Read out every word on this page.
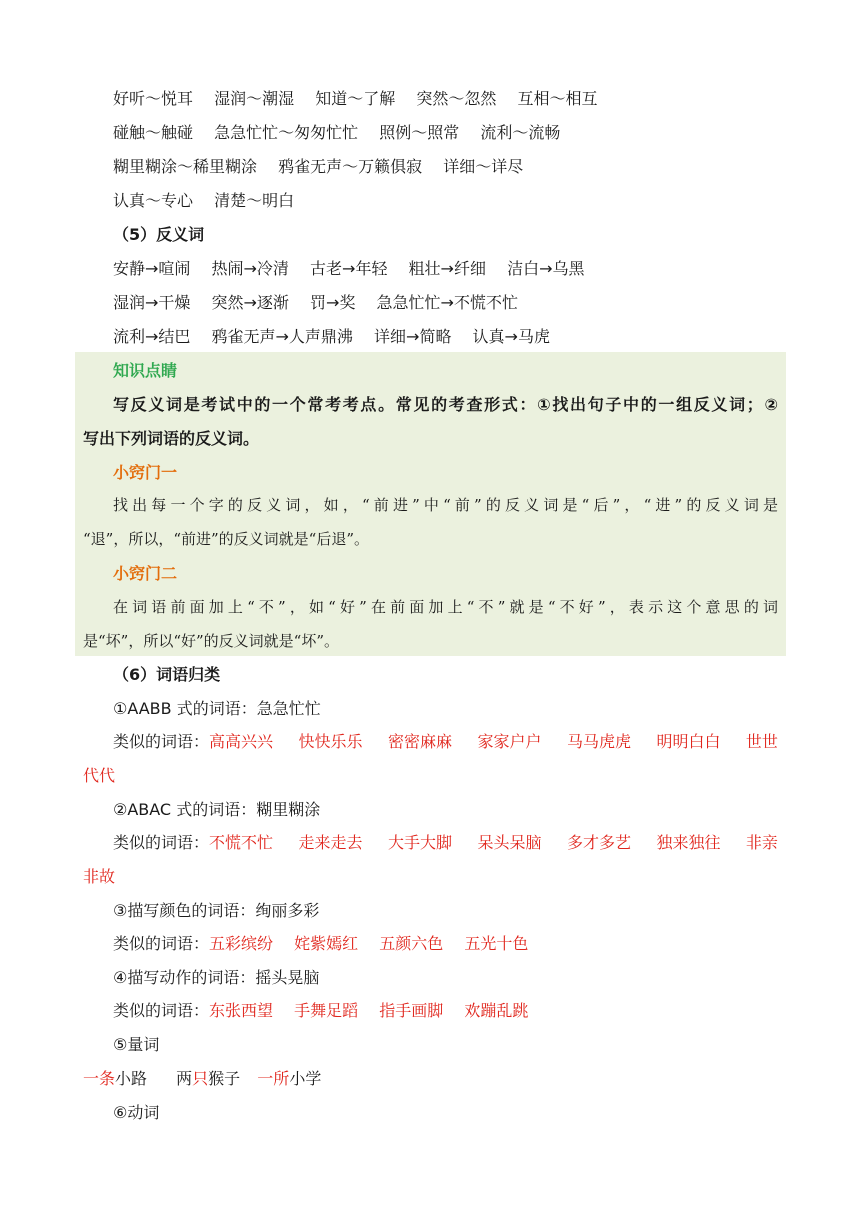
好听～悦耳 湿润～潮湿 知道～了解 突然～忽然 互相～相互
碰触～触碰 急急忙忙～匆匆忙忙 照例～照常 流利～流畅
糊里糊涂～稀里糊涂 鸦雀无声～万籁俱寂 详细～详尽
认真～专心 清楚～明白
（5）反义词
安静→喧闹 热闹→冷清 古老→年轻 粗壮→纤细 洁白→乌黑
湿润→干燥 突然→逐渐 罚→奖 急急忙忙→不慌不忙
流利→结巴 鸦雀无声→人声鼎沸 详细→简略 认真→马虎
知识点睛
写反义词是考试中的一个常考考点。常见的考查形式：①找出句子中的一组反义词；②
写出下列词语的反义词。
小窍门一
找出每一个字的反义词，如，“前进”中“前”的反义词是“后”，“进”的反义词是
“退”，所以，“前进”的反义词就是“后退”。
小窍门二
在词语前面加上“不”，如“好”在前面加上“不”就是“不好”，表示这个意思的词
是“坏”，所以“好”的反义词就是“坏”。
（6）词语归类
①AABB 式的词语：急急忙忙
类似的词语：高高兴兴 快快乐乐 密密麻麻 家家户户 马马虎虎 明明白白 世世
代代
②ABAC 式的词语：糊里糊涂
类似的词语：不慌不忙 走来走去 大手大脚 呆头呆脑 多才多艺 独来独往 非亲
非故
③描写颜色的词语：绚丽多彩
类似的词语：五彩缤纷 姹紫嫣红 五颜六色 五光十色
④描写动作的词语：摇头晃脑
类似的词语：东张西望 手舞足蹈 指手画脚 欢蹦乱跳
⑤量词
一条小路 两只猴子 一所小学
⑥动词
